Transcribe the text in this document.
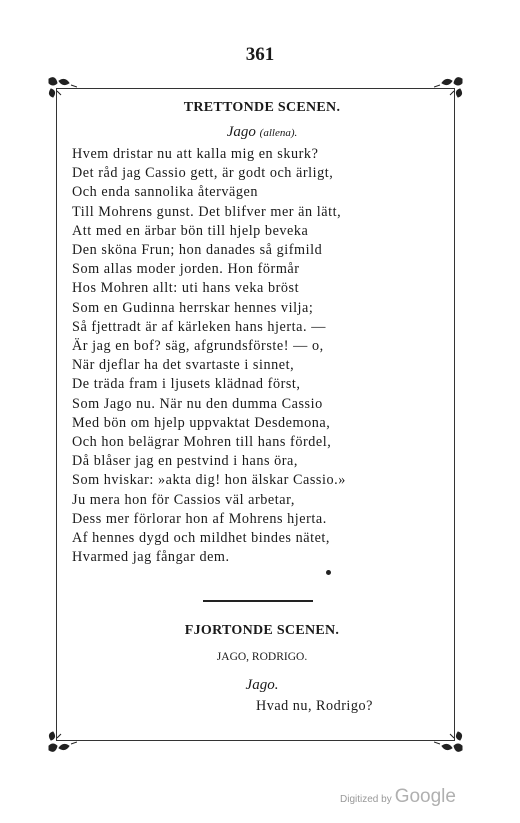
361
TRETTONDE SCENEN.
Jago (allena).
Hvem dristar nu att kalla mig en skurk?
Det råd jag Cassio gett, är godt och ärligt,
Och enda sannolika återvägen
Till Mohrens gunst. Det blifver mer än lätt,
Att med en ärbar bön till hjelp beveka
Den sköna Frun; hon danades så gifmild
Som allas moder jorden. Hon förmår
Hos Mohren allt: uti hans veka bröst
Som en Gudinna herrskar hennes vilja;
Så fjettradt är af kärleken hans hjerta. —
Är jag en bof? säg, afgrundsförste! — o,
När djeflar ha det svartaste i sinnet,
De träda fram i ljusets klädnad först,
Som Jago nu. När nu den dumma Cassio
Med bön om hjelp uppvaktat Desdemona,
Och hon belägrar Mohren till hans fördel,
Då blåser jag en pestvind i hans öra,
Som hviskar: »akta dig! hon älskar Cassio.»
Ju mera hon för Cassios väl arbetar,
Dess mer förlorar hon af Mohrens hjerta.
Af hennes dygd och mildhet bindes nätet,
Hvarmed jag fångar dem.
FJORTONDE SCENEN.
JAGO, RODRIGO.
Jago.
Hvad nu, Rodrigo?
Digitized by Google
